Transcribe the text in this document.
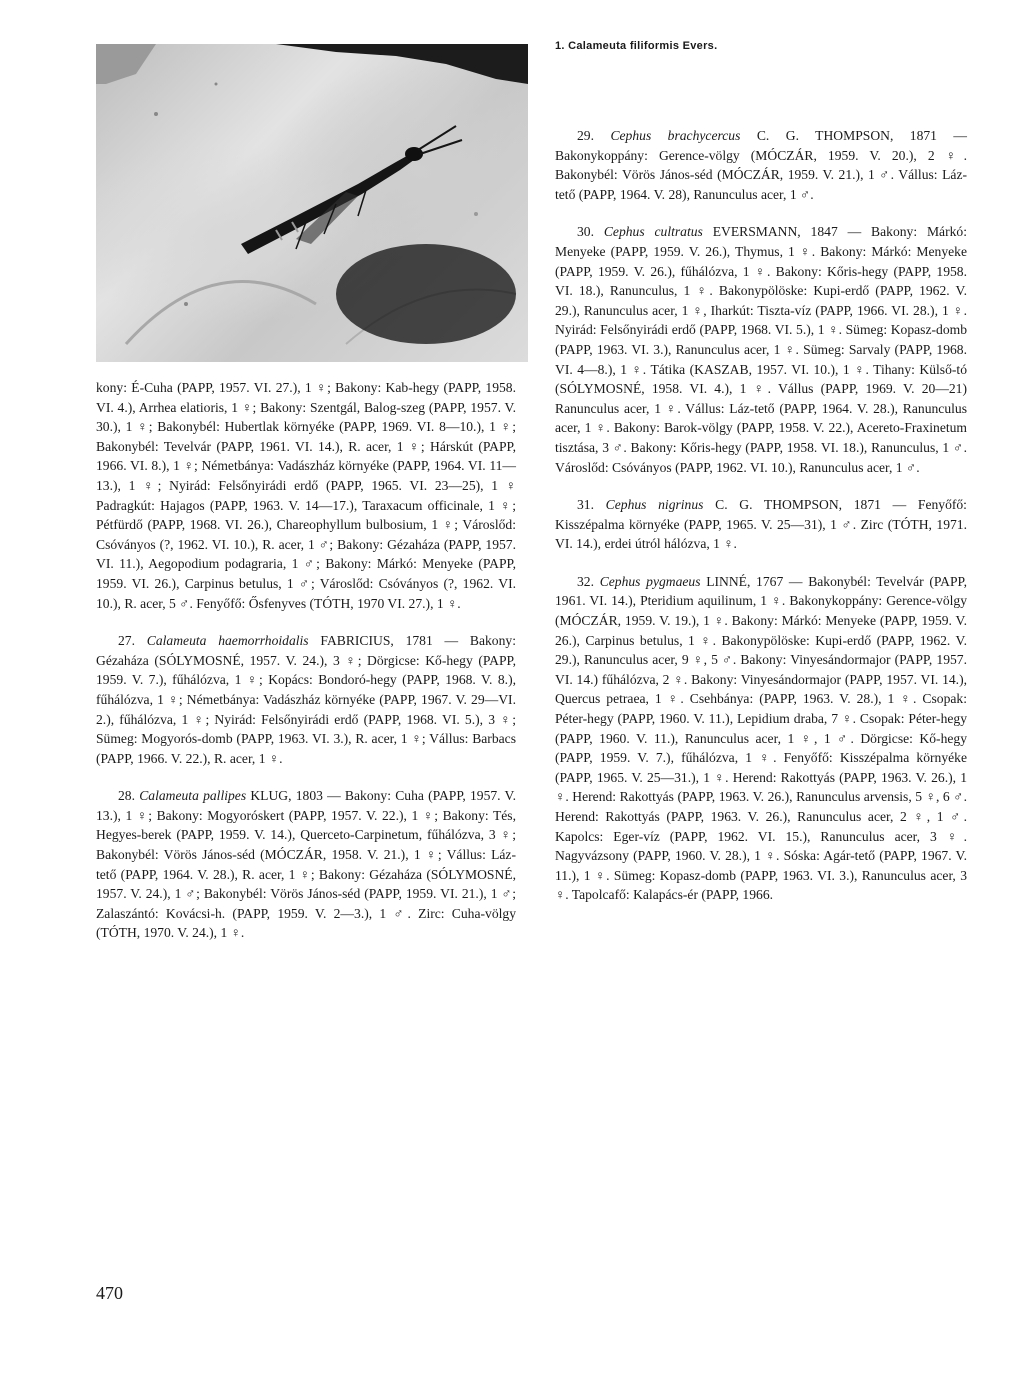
1. Calameuta filiformis Evers.

kony: É-Cuha (PAPP, 1957. VI. 27.), 1 ♀; Bakony: Kab-hegy (PAPP, 1958. VI. 4.), Arrhea elatioris, 1 ♀; Bakony: Szentgál, Balog-szeg (PAPP, 1957. V. 30.), 1 ♀; Bakonybél: Hubertlak környéke (PAPP, 1969. VI. 8—10.), 1 ♀; Bakonybél: Tevelvár (PAPP, 1961. VI. 14.), R. acer, 1 ♀; Hárskút (PAPP, 1966. VI. 8.), 1 ♀; Németbánya: Vadászház környéke (PAPP, 1964. VI. 11—13.), 1 ♀; Nyirád: Felsőnyirádi erdő (PAPP, 1965. VI. 23—25), 1 ♀ Padragkút: Hajagos (PAPP, 1963. V. 14—17.), Taraxacum officinale, 1 ♀; Pétfürdő (PAPP, 1968. VI. 26.), Chareophyllum bulbosium, 1 ♀; Városlőd: Csóványos (?, 1962. VI. 10.), R. acer, 1 ♂; Bakony: Gézaháza (PAPP, 1957. VI. 11.), Aegopodium podagraria, 1 ♂; Bakony: Márkó: Menyeke (PAPP, 1959. VI. 26.), Carpinus betulus, 1 ♂; Városlőd: Csóványos (?, 1962. VI. 10.), R. acer, 5 ♂. Fenyőfő: Ősfenyves (TÓTH, 1970 VI. 27.), 1 ♀.

27. Calameuta haemorrhoidalis FABRICIUS, 1781 — Bakony: Gézaháza (SÓLYMOSNÉ, 1957. V. 24.), 3 ♀; Dörgicse: Kő-hegy (PAPP, 1959. V. 7.), fűhálózva, 1 ♀; Kopács: Bondoró-hegy (PAPP, 1968. V. 8.), fűhálózva, 1 ♀; Németbánya: Vadászház környéke (PAPP, 1967. V. 29—VI. 2.), fűhálózva, 1 ♀; Nyirád: Felsőnyirádi erdő (PAPP, 1968. VI. 5.), 3 ♀; Sümeg: Mogyorós-domb (PAPP, 1963. VI. 3.), R. acer, 1 ♀; Vállus: Barbacs (PAPP, 1966. V. 22.), R. acer, 1 ♀.

28. Calameuta pallipes KLUG, 1803 — Bakony: Cuha (PAPP, 1957. V. 13.), 1 ♀; Bakony: Mogyoróskert (PAPP, 1957. V. 22.), 1 ♀; Bakony: Tés, Hegyes-berek (PAPP, 1959. V. 14.), Querceto-Carpinetum, fűhálózva, 3 ♀; Bakonybél: Vörös János-séd (MÓCZÁR, 1958. V. 21.), 1 ♀; Vállus: Láz-tető (PAPP, 1964. V. 28.), R. acer, 1 ♀; Bakony: Gézaháza (SÓLYMOSNÉ, 1957. V. 24.), 1 ♂; Bakonybél: Vörös János-séd (PAPP, 1959. VI. 21.), 1 ♂; Zalaszántó: Kovácsi-h. (PAPP, 1959. V. 2—3.), 1 ♂. Zirc: Cuha-völgy (TÓTH, 1970. V. 24.), 1 ♀.

29. Cephus brachycercus C. G. THOMPSON, 1871 — Bakonykoppány: Gerence-völgy (MÓCZÁR, 1959. V. 20.), 2 ♀. Bakonybél: Vörös János-séd (MÓCZÁR, 1959. V. 21.), 1 ♂. Vállus: Láz-tető (PAPP, 1964. V. 28), Ranunculus acer, 1 ♂.

30. Cephus cultratus EVERSMANN, 1847 — Bakony: Márkó: Menyeke (PAPP, 1959. V. 26.), Thymus, 1 ♀. Bakony: Márkó: Menyeke (PAPP, 1959. V. 26.), fűhálózva, 1 ♀. Bakony: Kőris-hegy (PAPP, 1958. VI. 18.), Ranunculus, 1 ♀. Bakonypölöske: Kupi-erdő (PAPP, 1962. V. 29.), Ranunculus acer, 1 ♀, Iharkút: Tiszta-víz (PAPP, 1966. VI. 28.), 1 ♀. Nyirád: Felsőnyirádi erdő (PAPP, 1968. VI. 5.), 1 ♀. Sümeg: Kopasz-domb (PAPP, 1963. VI. 3.), Ranunculus acer, 1 ♀. Sümeg: Sarvaly (PAPP, 1968. VI. 4—8.), 1 ♀. Tátika (KASZAB, 1957. VI. 10.), 1 ♀. Tihany: Külső-tó (SÓLYMOSNÉ, 1958. VI. 4.), 1 ♀. Vállus (PAPP, 1969. V. 20—21) Ranunculus acer, 1 ♀. Vállus: Láz-tető (PAPP, 1964. V. 28.), Ranunculus acer, 1 ♀. Bakony: Barok-völgy (PAPP, 1958. V. 22.), Acereto-Fraxinetum tisztása, 3 ♂. Bakony: Kőris-hegy (PAPP, 1958. VI. 18.), Ranunculus, 1 ♂. Városlőd: Csóványos (PAPP, 1962. VI. 10.), Ranunculus acer, 1 ♂.

31. Cephus nigrinus C. G. THOMPSON, 1871 — Fenyőfő: Kisszépalma környéke (PAPP, 1965. V. 25—31), 1 ♂. Zirc (TÓTH, 1971. VI. 14.), erdei útról hálózva, 1 ♀.

32. Cephus pygmaeus LINNÉ, 1767 — Bakonybél: Tevelvár (PAPP, 1961. VI. 14.), Pteridium aquilinum, 1 ♀. Bakonykoppány: Gerence-völgy (MÓCZÁR, 1959. V. 19.), 1 ♀. Bakony: Márkó: Menyeke (PAPP, 1959. V. 26.), Carpinus betulus, 1 ♀. Bakonypölöske: Kupi-erdő (PAPP, 1962. V. 29.), Ranunculus acer, 9 ♀, 5 ♂. Bakony: Vinyesándormajor (PAPP, 1957. VI. 14.) fűhálózva, 2 ♀. Bakony: Vinyesándormajor (PAPP, 1957. VI. 14.), Quercus petraea, 1 ♀. Csehbánya: (PAPP, 1963. V. 28.), 1 ♀. Csopak: Péter-hegy (PAPP, 1960. V. 11.), Lepidium draba, 7 ♀. Csopak: Péter-hegy (PAPP, 1960. V. 11.), Ranunculus acer, 1 ♀, 1 ♂. Dörgicse: Kő-hegy (PAPP, 1959. V. 7.), fűhálózva, 1 ♀. Fenyőfő: Kisszépalma környéke (PAPP, 1965. V. 25—31.), 1 ♀. Herend: Rakottyás (PAPP, 1963. V. 26.), 1 ♀. Herend: Rakottyás (PAPP, 1963. V. 26.), Ranunculus arvensis, 5 ♀, 6 ♂. Herend: Rakottyás (PAPP, 1963. V. 26.), Ranunculus acer, 2 ♀, 1 ♂. Kapolcs: Eger-víz (PAPP, 1962. VI. 15.), Ranunculus acer, 3 ♀. Nagyvázsony (PAPP, 1960. V. 28.), 1 ♀. Sóska: Agár-tető (PAPP, 1967. V. 11.), 1 ♀. Sümeg: Kopasz-domb (PAPP, 1963. VI. 3.), Ranunculus acer, 3 ♀. Tapolcafő: Kalapács-ér (PAPP, 1966.

470
